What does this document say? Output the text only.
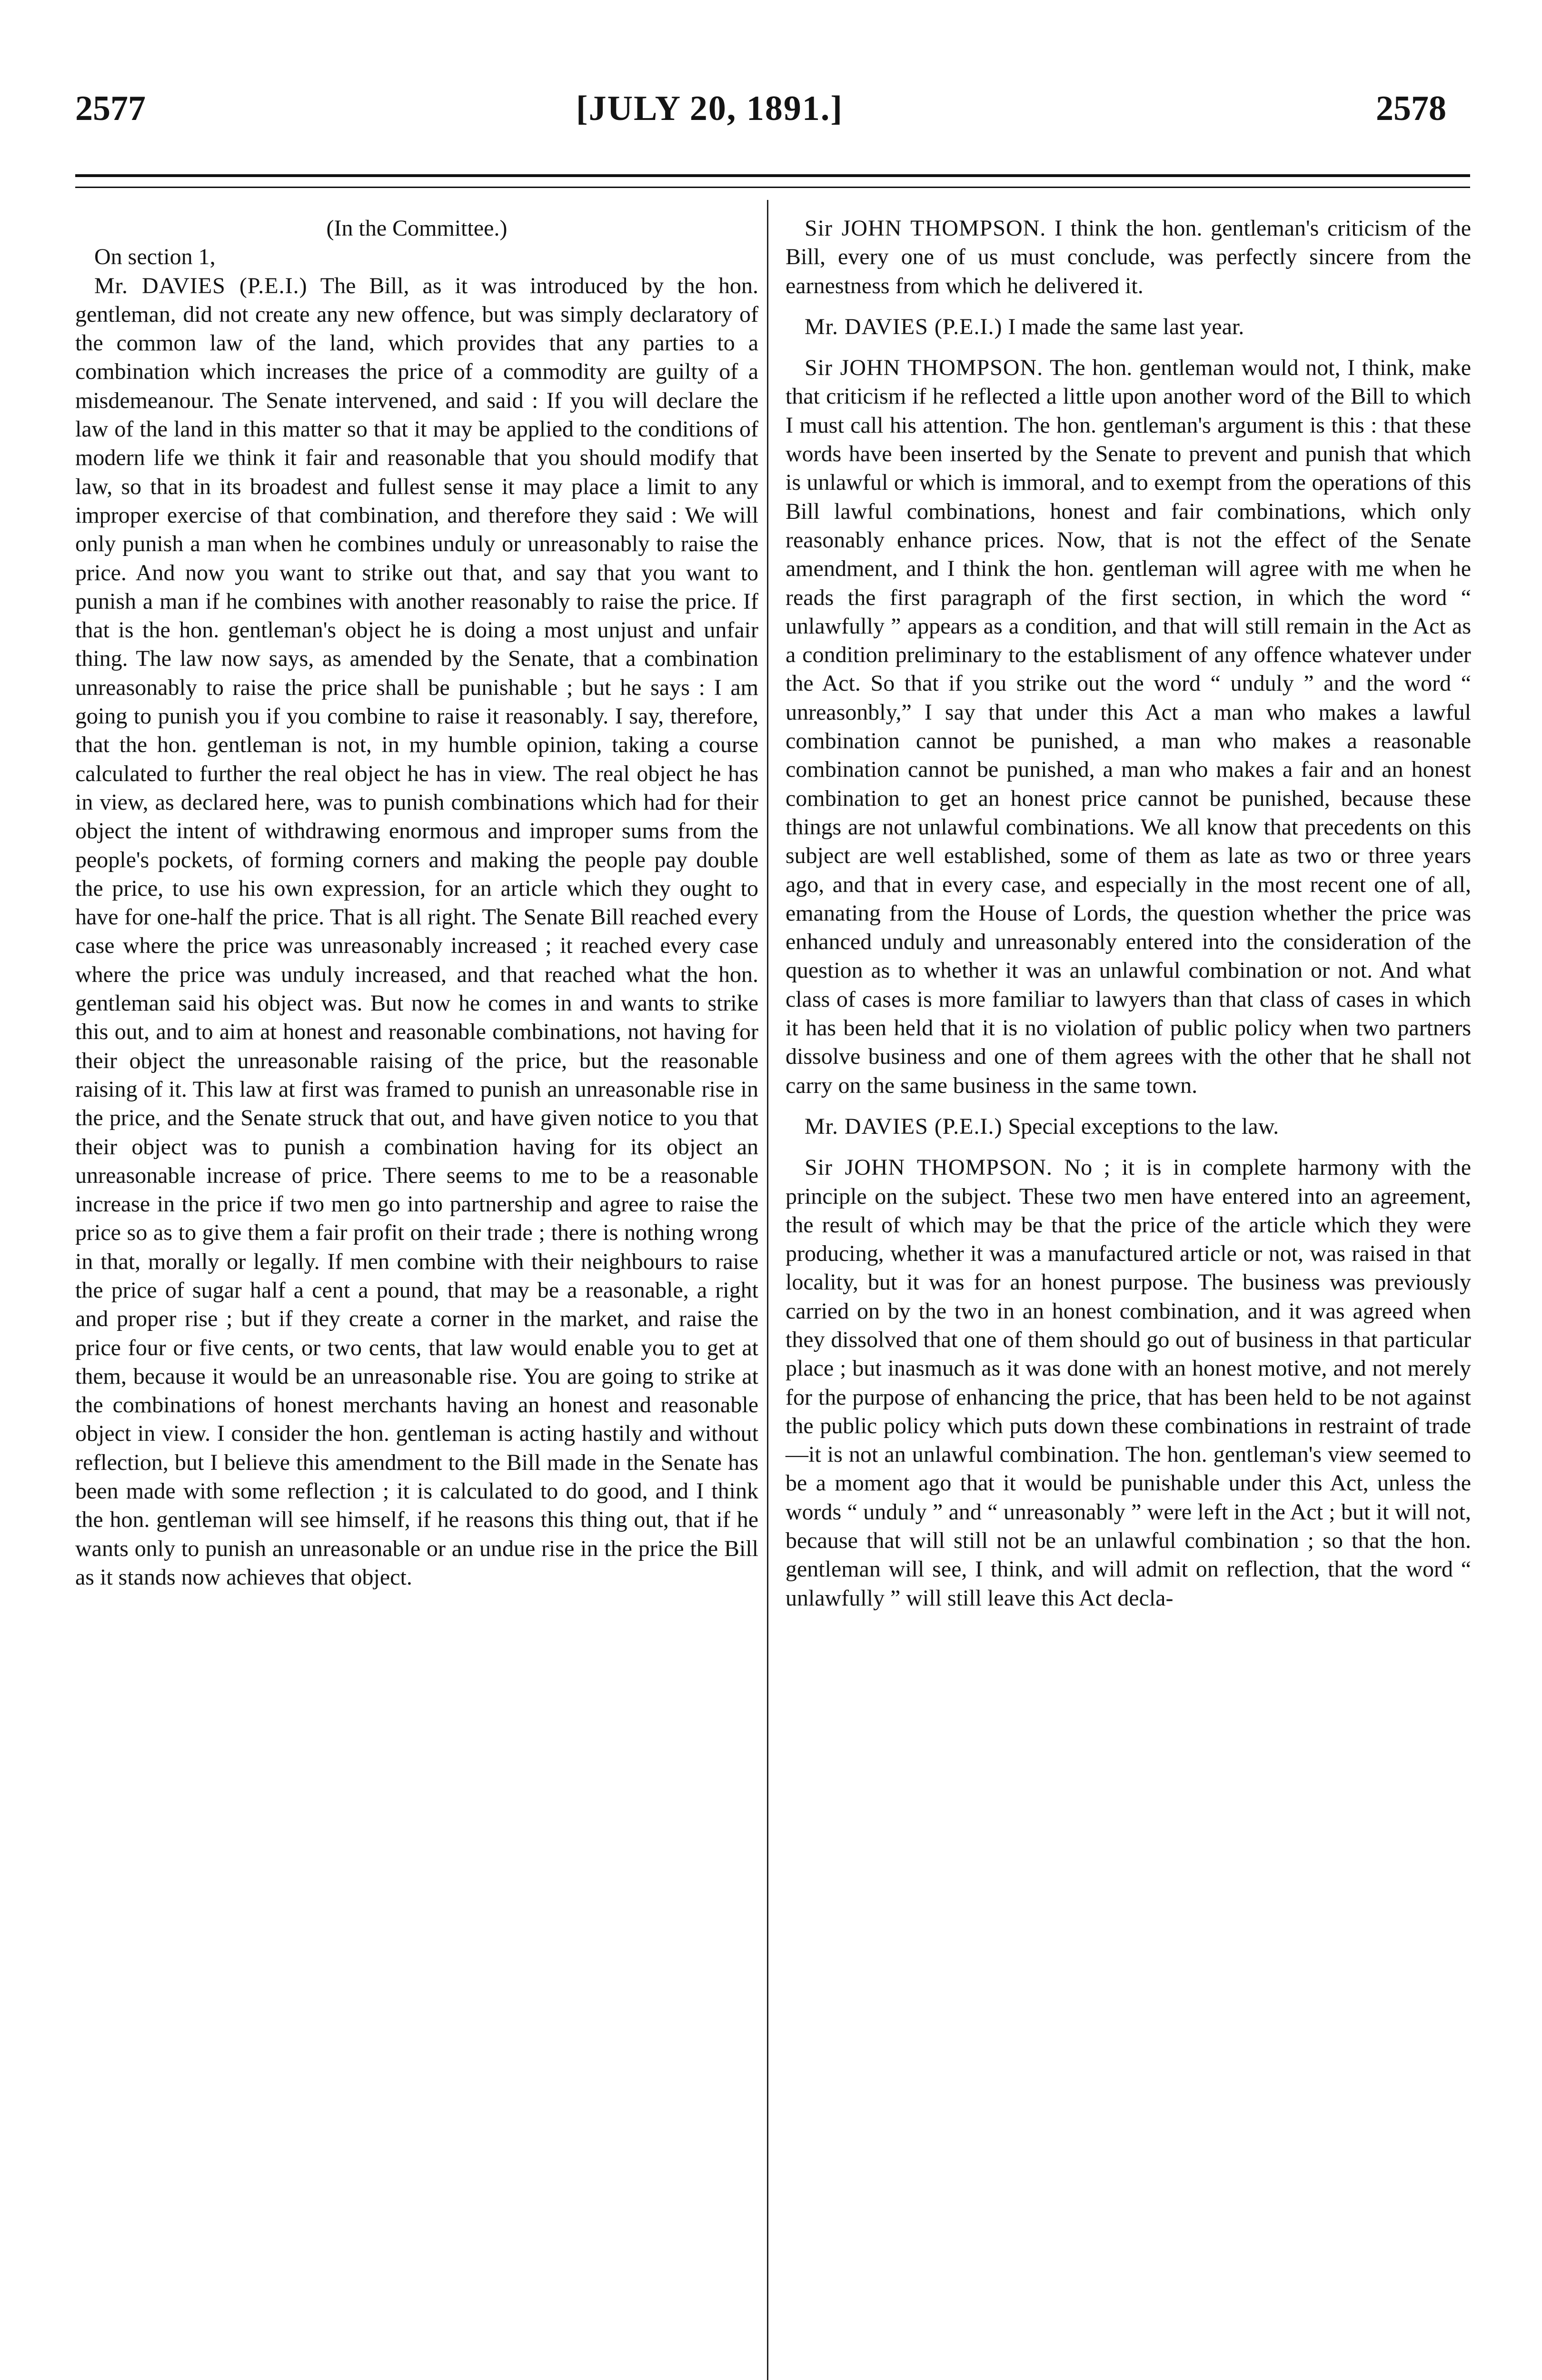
2577	[JULY 20, 1891.]	2578

(In the Committee.)

On section 1,

Mr. DAVIES (P.E.I.) The Bill, as it was introduced by the hon. gentleman, did not create any new offence, but was simply declaratory of the common law of the land, which provides that any parties to a combination which increases the price of a commodity are guilty of a misdemeanour. The Senate intervened, and said : If you will declare the law of the land in this matter so that it may be applied to the conditions of modern life we think it fair and reasonable that you should modify that law, so that in its broadest and fullest sense it may place a limit to any improper exercise of that combination, and therefore they said : We will only punish a man when he combines unduly or unreasonably to raise the price. And now you want to strike out that, and say that you want to punish a man if he combines with another reasonably to raise the price. If that is the hon. gentleman's object he is doing a most unjust and unfair thing. The law now says, as amended by the Senate, that a combination unreasonably to raise the price shall be punishable ; but he says : I am going to punish you if you combine to raise it reasonably. I say, therefore, that the hon. gentleman is not, in my humble opinion, taking a course calculated to further the real object he has in view. The real object he has in view, as declared here, was to punish combinations which had for their object the intent of withdrawing enormous and improper sums from the people's pockets, of forming corners and making the people pay double the price, to use his own expression, for an article which they ought to have for one-half the price. That is all right. The Senate Bill reached every case where the price was unreasonably increased ; it reached every case where the price was unduly increased, and that reached what the hon. gentleman said his object was. But now he comes in and wants to strike this out, and to aim at honest and reasonable combinations, not having for their object the unreasonable raising of the price, but the reasonable raising of it. This law at first was framed to punish an unreasonable rise in the price, and the Senate struck that out, and have given notice to you that their object was to punish a combination having for its object an unreasonable increase of price. There seems to me to be a reasonable increase in the price if two men go into partnership and agree to raise the price so as to give them a fair profit on their trade ; there is nothing wrong in that, morally or legally. If men combine with their neighbours to raise the price of sugar half a cent a pound, that may be a reasonable, a right and proper rise ; but if they create a corner in the market, and raise the price four or five cents, or two cents, that law would enable you to get at them, because it would be an unreasonable rise. You are going to strike at the combinations of honest merchants having an honest and reasonable object in view. I consider the hon. gentleman is acting hastily and without reflection, but I believe this amendment to the Bill made in the Senate has been made with some reflection ; it is calculated to do good, and I think the hon. gentleman will see himself, if he reasons this thing out, that if he wants only to punish an unreasonable or an undue rise in the price the Bill as it stands now achieves that object.

Sir JOHN THOMPSON. I think the hon. gentleman's criticism of the Bill, every one of us must conclude, was perfectly sincere from the earnestness from which he delivered it.

Mr. DAVIES (P.E.I.) I made the same last year.

Sir JOHN THOMPSON. The hon. gentleman would not, I think, make that criticism if he reflected a little upon another word of the Bill to which I must call his attention. The hon. gentleman's argument is this : that these words have been inserted by the Senate to prevent and punish that which is unlawful or which is immoral, and to exempt from the operations of this Bill lawful combinations, honest and fair combinations, which only reasonably enhance prices. Now, that is not the effect of the Senate amendment, and I think the hon. gentleman will agree with me when he reads the first paragraph of the first section, in which the word “ unlawfully ” appears as a condition, and that will still remain in the Act as a condition preliminary to the establisment of any offence whatever under the Act. So that if you strike out the word “ unduly ” and the word “ unreasonbly,” I say that under this Act a man who makes a lawful combination cannot be punished, a man who makes a reasonable combination cannot be punished, a man who makes a fair and an honest combination to get an honest price cannot be punished, because these things are not unlawful combinations. We all know that precedents on this subject are well established, some of them as late as two or three years ago, and that in every case, and especially in the most recent one of all, emanating from the House of Lords, the question whether the price was enhanced unduly and unreasonably entered into the consideration of the question as to whether it was an unlawful combination or not. And what class of cases is more familiar to lawyers than that class of cases in which it has been held that it is no violation of public policy when two partners dissolve business and one of them agrees with the other that he shall not carry on the same business in the same town.

Mr. DAVIES (P.E.I.) Special exceptions to the law.

Sir JOHN THOMPSON. No ; it is in complete harmony with the principle on the subject. These two men have entered into an agreement, the result of which may be that the price of the article which they were producing, whether it was a manufactured article or not, was raised in that locality, but it was for an honest purpose. The business was previously carried on by the two in an honest combination, and it was agreed when they dissolved that one of them should go out of business in that particular place ; but inasmuch as it was done with an honest motive, and not merely for the purpose of enhancing the price, that has been held to be not against the public policy which puts down these combinations in restraint of trade—it is not an unlawful combination. The hon. gentleman's view seemed to be a moment ago that it would be punishable under this Act, unless the words “ unduly ” and “ unreasonably ” were left in the Act ; but it will not, because that will still not be an unlawful combination ; so that the hon. gentleman will see, I think, and will admit on reflection, that the word “ unlawfully ” will still leave this Act decla-
